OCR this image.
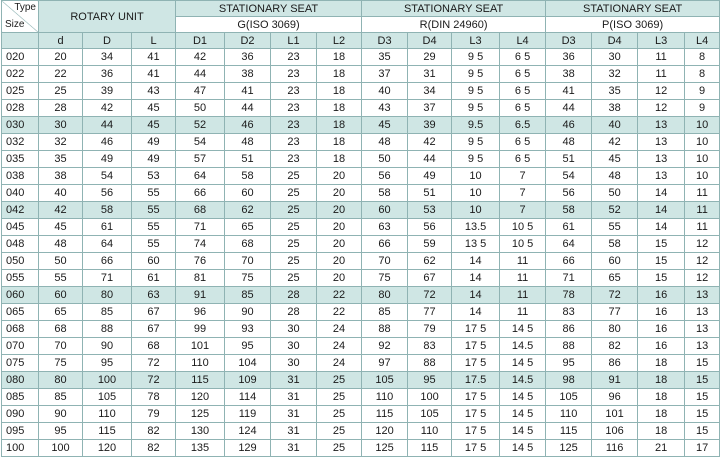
Type
Size	ROTARY UNIT			STATIONARY SEAT				STATIONARY SEAT				STATIONARY SEAT			
				G(ISO 3069)				R(DIN 24960)				P(ISO 3069)			
	d	D	L	D1	D2	L1	L2	D3	D4	L3	L4	D3	D4	L3	L4
020	20	34	41	42	36	23	18	35	29	9 5	6 5	36	30	11	8
022	22	36	41	44	38	23	18	37	31	9 5	6 5	38	32	11	8
025	25	39	43	47	41	23	18	40	34	9 5	6 5	41	35	12	9
028	28	42	45	50	44	23	18	43	37	9 5	6 5	44	38	12	9
030	30	44	45	52	46	23	18	45	39	9.5	6.5	46	40	13	10
032	32	46	49	54	48	23	18	48	42	9 5	6 5	48	42	13	10
035	35	49	49	57	51	23	18	50	44	9 5	6 5	51	45	13	10
038	38	54	53	64	58	25	20	56	49	10	7	54	48	13	10
040	40	56	55	66	60	25	20	58	51	10	7	56	50	14	11
042	42	58	55	68	62	25	20	60	53	10	7	58	52	14	11
045	45	61	55	71	65	25	20	63	56	13.5	10 5	61	55	14	11
048	48	64	55	74	68	25	20	66	59	13 5	10 5	64	58	15	12
050	50	66	60	76	70	25	20	70	62	14	11	66	60	15	12
055	55	71	61	81	75	25	20	75	67	14	11	71	65	15	12
060	60	80	63	91	85	28	22	80	72	14	11	78	72	16	13
065	65	85	67	96	90	28	22	85	77	14	11	83	77	16	13
068	68	88	67	99	93	30	24	88	79	17 5	14 5	86	80	16	13
070	70	90	68	101	95	30	24	92	83	17 5	14.5	88	82	16	13
075	75	95	72	110	104	30	24	97	88	17 5	14 5	95	86	18	15
080	80	100	72	115	109	31	25	105	95	17.5	14.5	98	91	18	15
085	85	105	78	120	114	31	25	110	100	17 5	14 5	105	96	18	15
090	90	110	79	125	119	31	25	115	105	17 5	14 5	110	101	18	15
095	95	115	82	130	124	31	25	120	110	17 5	14 5	115	106	18	15
100	100	120	82	135	129	31	25	125	115	17 5	14 5	125	116	21	17
